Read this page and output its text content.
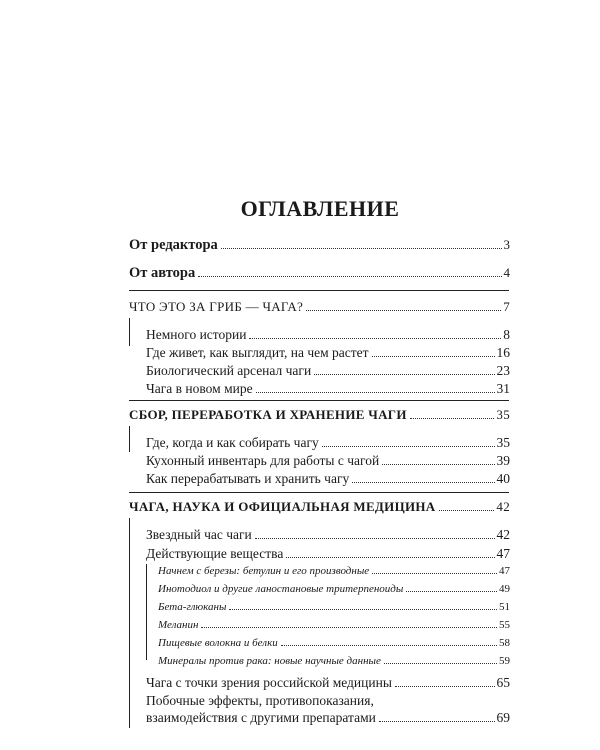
ОГЛАВЛЕНИЕ
От редактора	3
От автора	4
ЧТО ЭТО ЗА ГРИБ — ЧАГА?	7
Немного истории	8
Где живет, как выглядит, на чем растет	16
Биологический арсенал чаги	23
Чага в новом мире	31
СБОР, ПЕРЕРАБОТКА И ХРАНЕНИЕ ЧАГИ	35
Где, когда и как собирать чагу	35
Кухонный инвентарь для работы с чагой	39
Как перерабатывать и хранить чагу	40
ЧАГА, НАУКА И ОФИЦИАЛЬНАЯ МЕДИЦИНА	42
Звездный час чаги	42
Действующие вещества	47
Начнем с березы: бетулин и его производные	47
Инотодиол и другие ланостановые тритерпеноиды	49
Бета-глюканы	51
Меланин	55
Пищевые волокна и белки	58
Минералы против рака: новые научные данные	59
Чага с точки зрения российской медицины	65
Побочные эффекты, противопоказания,
взаимодействия с другими препаратами	69
